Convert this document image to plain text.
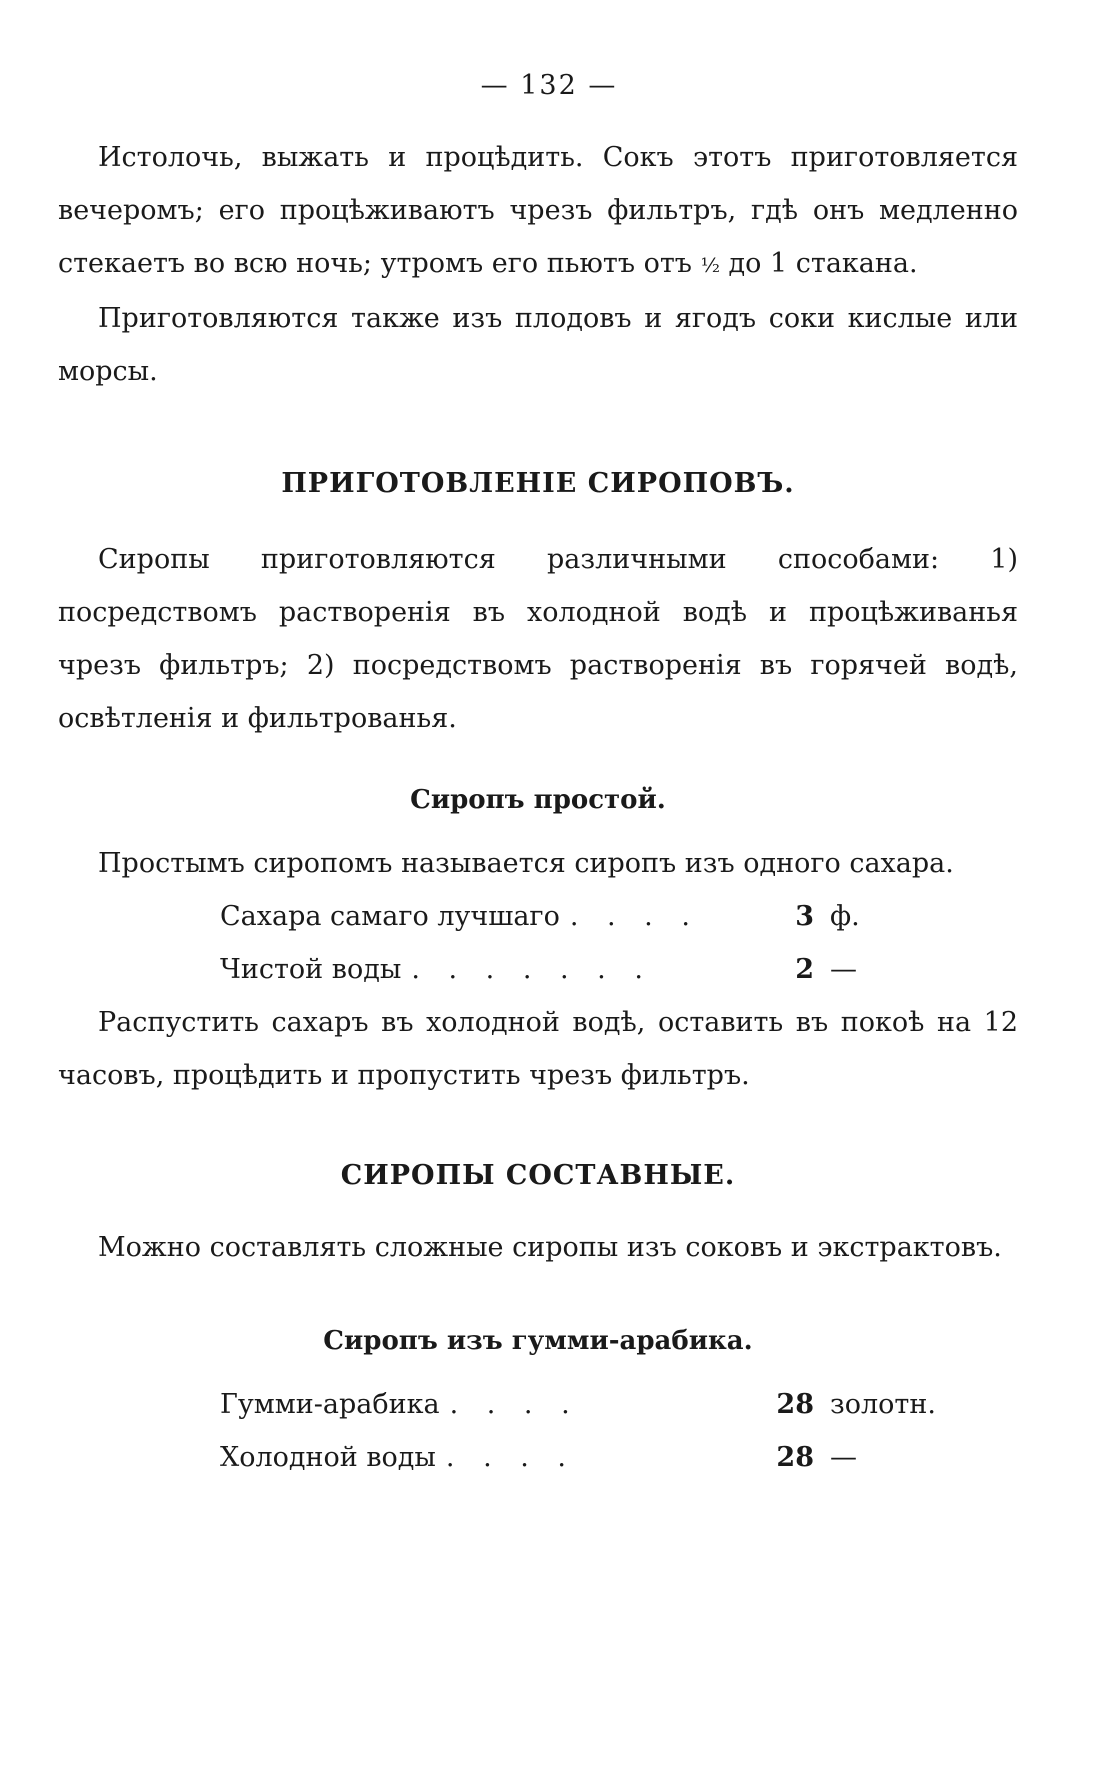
— 132 —

Истолочь, выжать и процѣдить. Сокъ этотъ приготовляется вечеромъ; его процѣживаютъ чрезъ фильтръ, гдѣ онъ медленно стекаетъ во всю ночь; утромъ его пьютъ отъ ½ до 1 стакана.

Приготовляются также изъ плодовъ и ягодъ соки кислые или морсы.

ПРИГОТОВЛЕНІЕ СИРОПОВЪ.

Сиропы приготовляются различными способами: 1) посредствомъ растворенія въ холодной водѣ и процѣживанья чрезъ фильтръ; 2) посредствомъ растворенія въ горячей водѣ, освѣтленія и фильтрованья.

Сиропъ простой.

Простымъ сиропомъ называется сиропъ изъ одного сахара.

Сахара самаго лучшаго . . . .	3 ф.
Чистой воды . . . . . . .	2 —

Распустить сахаръ въ холодной водѣ, оставить въ покоѣ на 12 часовъ, процѣдить и пропустить чрезъ фильтръ.

СИРОПЫ СОСТАВНЫЕ.

Можно составлять сложные сиропы изъ соковъ и экстрактовъ.

Сиропъ изъ гумми-арабика.
Гумми-арабика . . . .	28 золотн.
Холодной воды . . . .	28 —
